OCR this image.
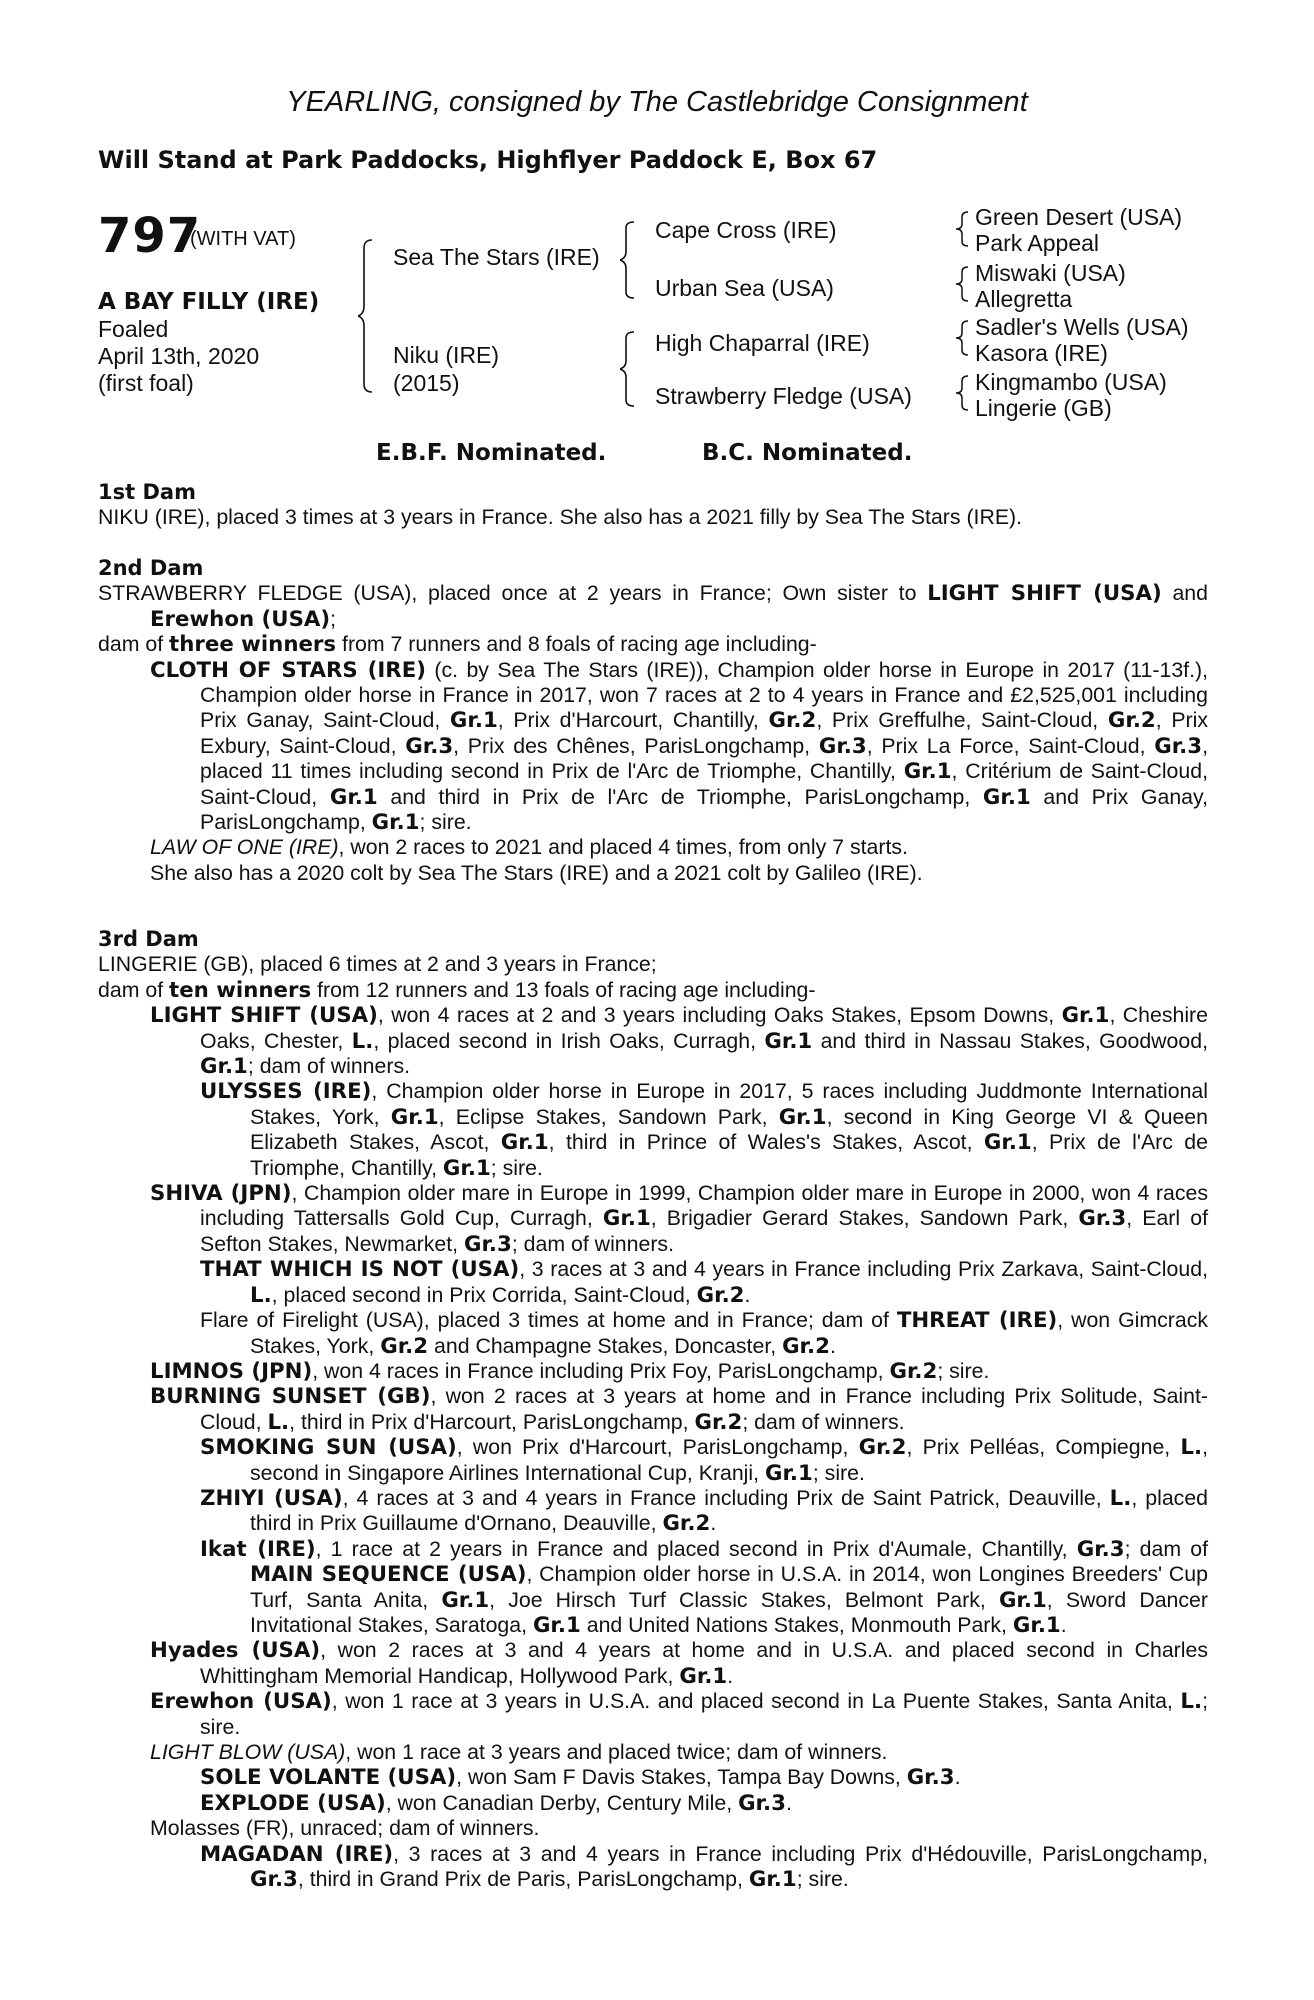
YEARLING, consigned by The Castlebridge Consignment
Will Stand at Park Paddocks, Highflyer Paddock E, Box 67
797
(WITH VAT)
A BAY FILLY (IRE)
Foaled
April 13th, 2020
(first foal)
Sea The Stars (IRE)
Niku (IRE)
(2015)
Cape Cross (IRE)
Urban Sea (USA)
High Chaparral (IRE)
Strawberry Fledge (USA)
Green Desert (USA)
Park Appeal
Miswaki (USA)
Allegretta
Sadler's Wells (USA)
Kasora (IRE)
Kingmambo (USA)
Lingerie (GB)
E.B.F. Nominated.	B.C. Nominated.

1st Dam

NIKU (IRE), placed 3 times at 3 years in France. She also has a 2021 filly by Sea The Stars (IRE).

2nd Dam

STRAWBERRY FLEDGE (USA), placed once at 2 years in France; Own sister to LIGHT SHIFT (USA) and Erewhon (USA);

dam of three winners from 7 runners and 8 foals of racing age including-

CLOTH OF STARS (IRE) (c. by Sea The Stars (IRE)), Champion older horse in Europe in 2017 (11-13f.), Champion older horse in France in 2017, won 7 races at 2 to 4 years in France and £2,525,001 including Prix Ganay, Saint-Cloud, Gr.1, Prix d'Harcourt, Chantilly, Gr.2, Prix Greffulhe, Saint-Cloud, Gr.2, Prix Exbury, Saint-Cloud, Gr.3, Prix des Chênes, ParisLongchamp, Gr.3, Prix La Force, Saint-Cloud, Gr.3, placed 11 times including second in Prix de l'Arc de Triomphe, Chantilly, Gr.1, Critérium de Saint-Cloud, Saint-Cloud, Gr.1 and third in Prix de l'Arc de Triomphe, ParisLongchamp, Gr.1 and Prix Ganay, ParisLongchamp, Gr.1; sire.

LAW OF ONE (IRE), won 2 races to 2021 and placed 4 times, from only 7 starts.

She also has a 2020 colt by Sea The Stars (IRE) and a 2021 colt by Galileo (IRE).

3rd Dam

LINGERIE (GB), placed 6 times at 2 and 3 years in France;

dam of ten winners from 12 runners and 13 foals of racing age including-

LIGHT SHIFT (USA), won 4 races at 2 and 3 years including Oaks Stakes, Epsom Downs, Gr.1, Cheshire Oaks, Chester, L., placed second in Irish Oaks, Curragh, Gr.1 and third in Nassau Stakes, Goodwood, Gr.1; dam of winners.

ULYSSES (IRE), Champion older horse in Europe in 2017, 5 races including Juddmonte International Stakes, York, Gr.1, Eclipse Stakes, Sandown Park, Gr.1, second in King George VI & Queen Elizabeth Stakes, Ascot, Gr.1, third in Prince of Wales's Stakes, Ascot, Gr.1, Prix de l'Arc de Triomphe, Chantilly, Gr.1; sire.

SHIVA (JPN), Champion older mare in Europe in 1999, Champion older mare in Europe in 2000, won 4 races including Tattersalls Gold Cup, Curragh, Gr.1, Brigadier Gerard Stakes, Sandown Park, Gr.3, Earl of Sefton Stakes, Newmarket, Gr.3; dam of winners.

THAT WHICH IS NOT (USA), 3 races at 3 and 4 years in France including Prix Zarkava, Saint-Cloud, L., placed second in Prix Corrida, Saint-Cloud, Gr.2.

Flare of Firelight (USA), placed 3 times at home and in France; dam of THREAT (IRE), won Gimcrack Stakes, York, Gr.2 and Champagne Stakes, Doncaster, Gr.2.

LIMNOS (JPN), won 4 races in France including Prix Foy, ParisLongchamp, Gr.2; sire.

BURNING SUNSET (GB), won 2 races at 3 years at home and in France including Prix Solitude, Saint-Cloud, L., third in Prix d'Harcourt, ParisLongchamp, Gr.2; dam of winners.

SMOKING SUN (USA), won Prix d'Harcourt, ParisLongchamp, Gr.2, Prix Pelléas, Compiegne, L., second in Singapore Airlines International Cup, Kranji, Gr.1; sire.

ZHIYI (USA), 4 races at 3 and 4 years in France including Prix de Saint Patrick, Deauville, L., placed third in Prix Guillaume d'Ornano, Deauville, Gr.2.

Ikat (IRE), 1 race at 2 years in France and placed second in Prix d'Aumale, Chantilly, Gr.3; dam of MAIN SEQUENCE (USA), Champion older horse in U.S.A. in 2014, won Longines Breeders' Cup Turf, Santa Anita, Gr.1, Joe Hirsch Turf Classic Stakes, Belmont Park, Gr.1, Sword Dancer Invitational Stakes, Saratoga, Gr.1 and United Nations Stakes, Monmouth Park, Gr.1.

Hyades (USA), won 2 races at 3 and 4 years at home and in U.S.A. and placed second in Charles Whittingham Memorial Handicap, Hollywood Park, Gr.1.

Erewhon (USA), won 1 race at 3 years in U.S.A. and placed second in La Puente Stakes, Santa Anita, L.; sire.

LIGHT BLOW (USA), won 1 race at 3 years and placed twice; dam of winners.

SOLE VOLANTE (USA), won Sam F Davis Stakes, Tampa Bay Downs, Gr.3.

EXPLODE (USA), won Canadian Derby, Century Mile, Gr.3.

Molasses (FR), unraced; dam of winners.

MAGADAN (IRE), 3 races at 3 and 4 years in France including Prix d'Hédouville, ParisLongchamp, Gr.3, third in Grand Prix de Paris, ParisLongchamp, Gr.1; sire.
